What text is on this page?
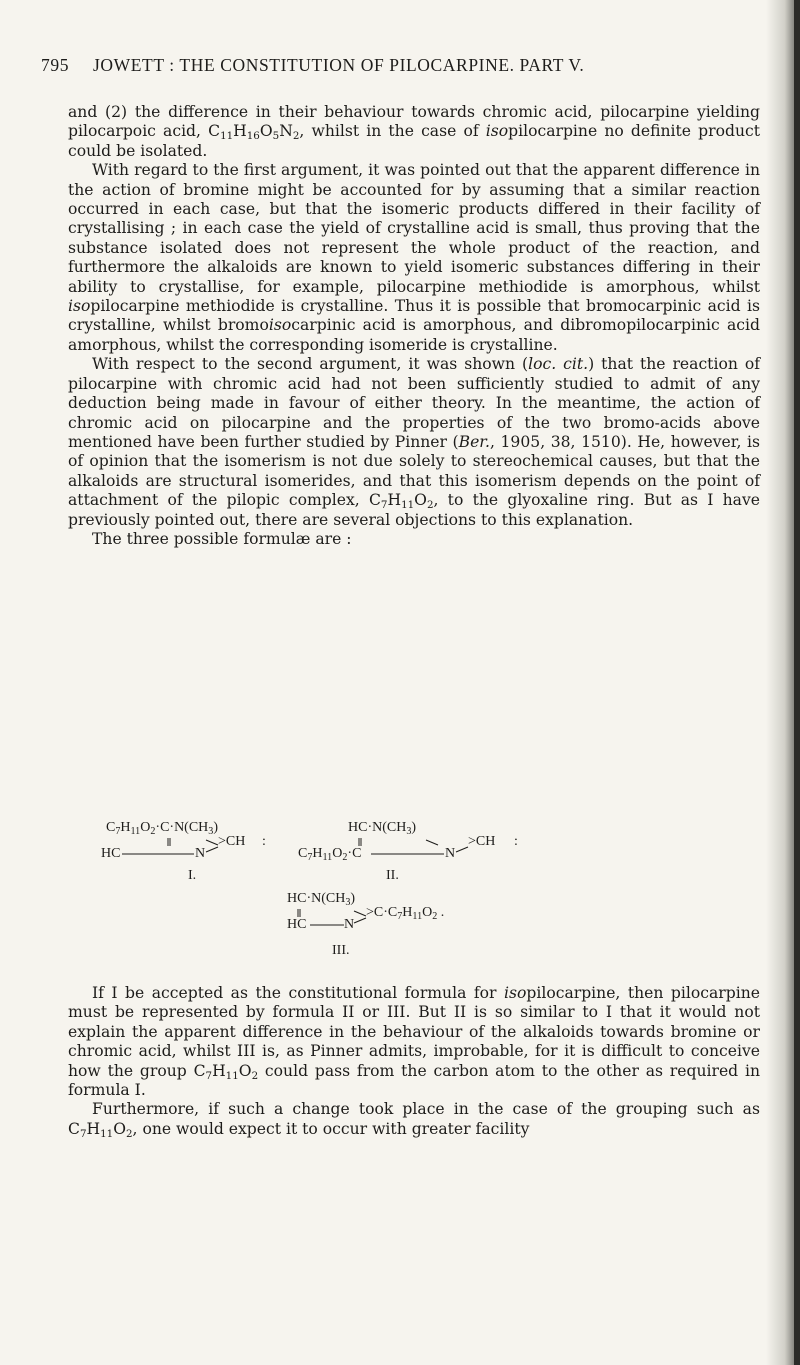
795 JOWETT : THE CONSTITUTION OF PILOCARPINE. PART V.

and (2) the difference in their behaviour towards chromic acid, pilocarpine yielding pilocarpoic acid, $C_{11}H_{16}O_5N_2$, whilst in the case of isopilocarpine no definite product could be isolated.

With regard to the first argument, it was pointed out that the apparent difference in the action of bromine might be accounted for by assuming that a similar reaction occurred in each case, but that the isomeric products differed in their facility of crystallising ; in each case the yield of crystalline acid is small, thus proving that the substance isolated does not represent the whole product of the reaction, and furthermore the alkaloids are known to yield isomeric substances differing in their ability to crystallise, for example, pilocarpine methiodide is amorphous, whilst isopilocarpine methiodide is crystalline. Thus it is possible that bromocarpinic acid is crystalline, whilst bromoisocarpinic acid is amorphous, and dibromopilocarpinic acid amorphous, whilst the corresponding isomeride is crystalline.

With respect to the second argument, it was shown (loc. cit.) that the reaction of pilocarpine with chromic acid had not been sufficiently studied to admit of any deduction being made in favour of either theory. In the meantime, the action of chromic acid on pilocarpine and the properties of the two bromo-acids above mentioned have been further studied by Pinner (Ber., 1905, 38, 1510). He, however, is of opinion that the isomerism is not due solely to stereochemical causes, but that the alkaloids are structural isomerides, and that this isomerism depends on the point of attachment of the pilopic complex, $C_7H_{11}O_2$, to the glyoxaline ring. But as I have previously pointed out, there are several objections to this explanation.

The three possible formulæ are :

$C_7H_{11}O_2\cdot C\cdot N(CH_3)$
HC	N
>CH :
I.
$HC\cdot N(CH_3)$
$C_7H_{11}O_2\cdot C$	N
>CH :
II.
$HC\cdot N(CH_3)$
HC	N
$>C\cdot C_7H_{11}O_2$ .
III.

If I be accepted as the constitutional formula for isopilocarpine, then pilocarpine must be represented by formula II or III. But II is so similar to I that it would not explain the apparent difference in the behaviour of the alkaloids towards bromine or chromic acid, whilst III is, as Pinner admits, improbable, for it is difficult to conceive how the group $C_7H_{11}O_2$ could pass from the carbon atom to the other as required in formula I.

Furthermore, if such a change took place in the case of the grouping such as $C_7H_{11}O_2$, one would expect it to occur with greater facility
